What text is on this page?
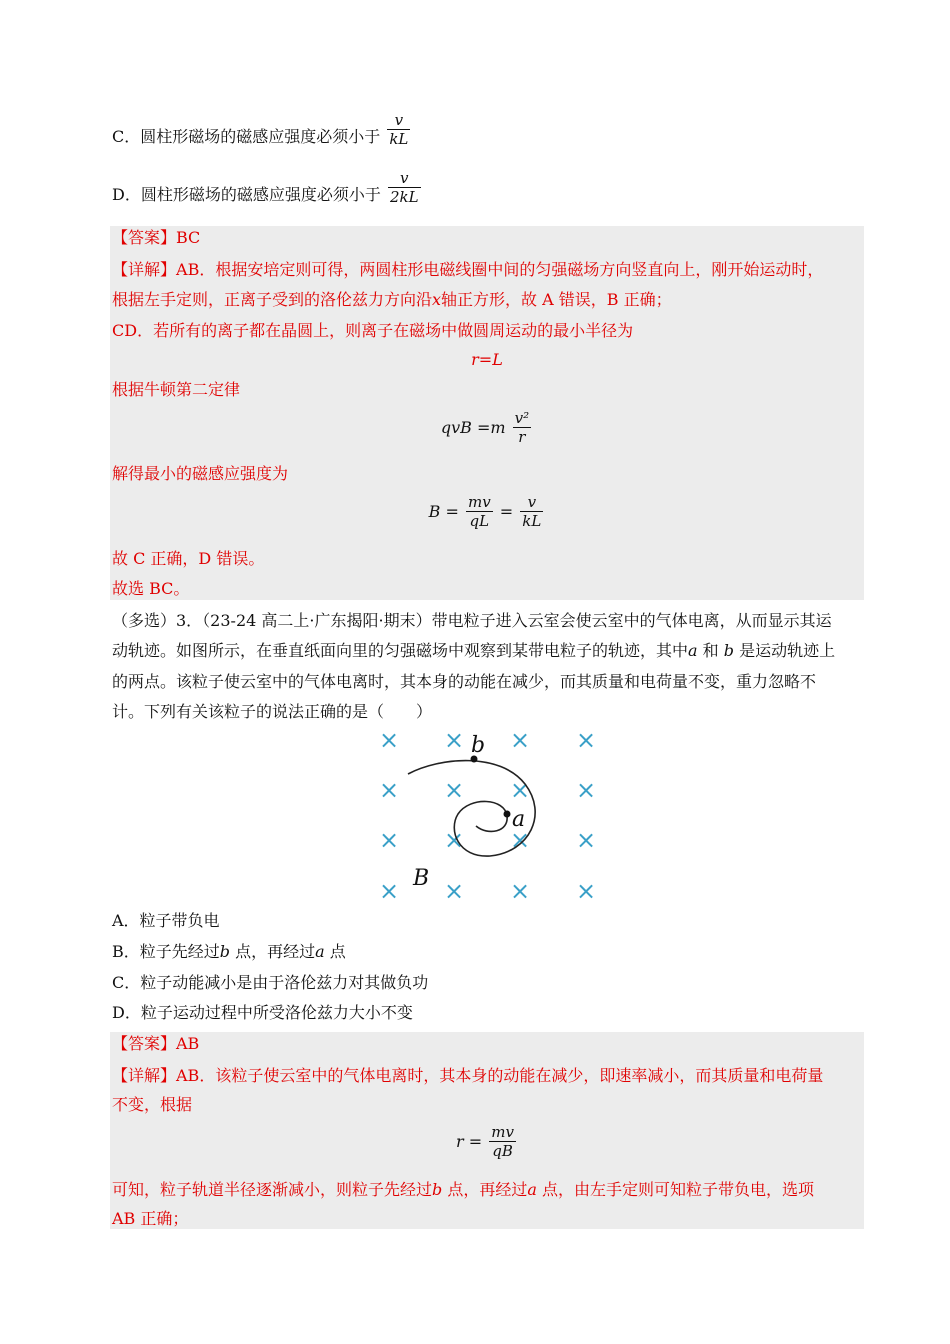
C．圆柱形磁场的磁感应强度必须小于 $\frac{v}{kL}$
D．圆柱形磁场的磁感应强度必须小于 $\frac{v}{2kL}$
【答案】BC
【详解】AB．根据安培定则可得，两圆柱形电磁线圈中间的匀强磁场方向竖直向上，刚开始运动时，
根据左手定则，正离子受到的洛伦兹力方向沿x轴正方形，故 A 错误，B 正确；
CD．若所有的离子都在晶圆上，则离子在磁场中做圆周运动的最小半径为
r=L
根据牛顿第二定律
qvB $=m \frac{\text{v²}}{r}$
解得最小的磁感应强度为
$B = \frac{mv}{qL} = \frac{v}{kL}$
故 C 正确，D 错误。
故选 BC。
（多选）3．（23-24 高二上·广东揭阳·期末）带电粒子进入云室会使云室中的气体电离，从而显示其运
动轨迹。如图所示，在垂直纸面向里的匀强磁场中观察到某带电粒子的轨迹，其中a 和 b 是运动轨迹上
的两点。该粒子使云室中的气体电离时，其本身的动能在减少，而其质量和电荷量不变，重力忽略不
计。下列有关该粒子的说法正确的是（　　）
× × × ×
× × × ×
× × × ×
× × × ×
b
a
B
A．粒子带负电
B．粒子先经过b 点，再经过a 点
C．粒子动能减小是由于洛伦兹力对其做负功
D．粒子运动过程中所受洛伦兹力大小不变
【答案】AB
【详解】AB．该粒子使云室中的气体电离时，其本身的动能在减少，即速率减小，而其质量和电荷量
不变，根据
$r = \frac{mv}{qB}$
可知，粒子轨道半径逐渐减小，则粒子先经过b 点，再经过a 点，由左手定则可知粒子带负电，选项
AB 正确；
